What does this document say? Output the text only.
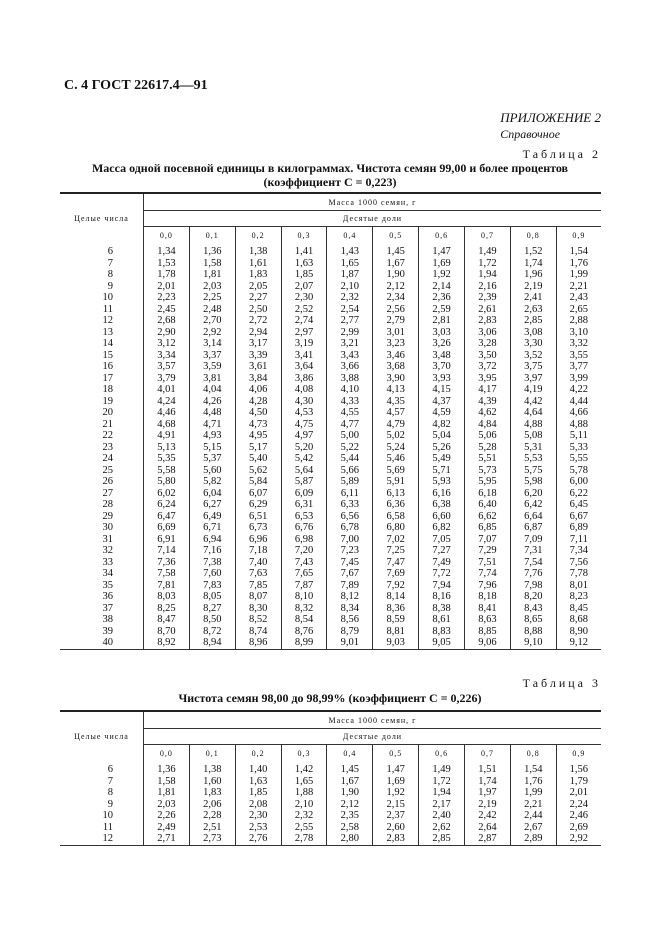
С. 4 ГОСТ 22617.4—91
ПРИЛОЖЕНИЕ 2
Справочное
Таблица 2
Масса одной посевной единицы в килограммах. Чистота семян 99,00 и более процентов
(коэффициент C = 0,223)
Целые числа	Масса 1000 семян, г									
	Десятые доли									
	0,0	0,1	0,2	0,3	0,4	0,5	0,6	0,7	0,8	0,9
6	1,34	1,36	1,38	1,41	1,43	1,45	1,47	1,49	1,52	1,54
7	1,53	1,58	1,61	1,63	1,65	1,67	1,69	1,72	1,74	1,76
8	1,78	1,81	1,83	1,85	1,87	1,90	1,92	1,94	1,96	1,99
9	2,01	2,03	2,05	2,07	2,10	2,12	2,14	2,16	2,19	2,21
10	2,23	2,25	2,27	2,30	2,32	2,34	2,36	2,39	2,41	2,43
11	2,45	2,48	2,50	2,52	2,54	2,56	2,59	2,61	2,63	2,65
12	2,68	2,70	2,72	2,74	2,77	2,79	2,81	2,83	2,85	2,88
13	2,90	2,92	2,94	2,97	2,99	3,01	3,03	3,06	3,08	3,10
14	3,12	3,14	3,17	3,19	3,21	3,23	3,26	3,28	3,30	3,32
15	3,34	3,37	3,39	3,41	3,43	3,46	3,48	3,50	3,52	3,55
16	3,57	3,59	3,61	3,64	3,66	3,68	3,70	3,72	3,75	3,77
17	3,79	3,81	3,84	3,86	3,88	3,90	3,93	3,95	3,97	3,99
18	4,01	4,04	4,06	4,08	4,10	4,13	4,15	4,17	4,19	4,22
19	4,24	4,26	4,28	4,30	4,33	4,35	4,37	4,39	4,42	4,44
20	4,46	4,48	4,50	4,53	4,55	4,57	4,59	4,62	4,64	4,66
21	4,68	4,71	4,73	4,75	4,77	4,79	4,82	4,84	4,88	4,88
22	4,91	4,93	4,95	4,97	5,00	5,02	5,04	5,06	5,08	5,11
23	5,13	5,15	5,17	5,20	5,22	5,24	5,26	5,28	5,31	5,33
24	5,35	5,37	5,40	5,42	5,44	5,46	5,49	5,51	5,53	5,55
25	5,58	5,60	5,62	5,64	5,66	5,69	5,71	5,73	5,75	5,78
26	5,80	5,82	5,84	5,87	5,89	5,91	5,93	5,95	5,98	6,00
27	6,02	6,04	6,07	6,09	6,11	6,13	6,16	6,18	6,20	6,22
28	6,24	6,27	6,29	6,31	6,33	6,36	6,38	6,40	6,42	6,45
29	6,47	6,49	6,51	6,53	6,56	6,58	6,60	6,62	6,64	6,67
30	6,69	6,71	6,73	6,76	6,78	6,80	6,82	6,85	6,87	6,89
31	6,91	6,94	6,96	6,98	7,00	7,02	7,05	7,07	7,09	7,11
32	7,14	7,16	7,18	7,20	7,23	7,25	7,27	7,29	7,31	7,34
33	7,36	7,38	7,40	7,43	7,45	7,47	7,49	7,51	7,54	7,56
34	7,58	7,60	7,63	7,65	7,67	7,69	7,72	7,74	7,76	7,78
35	7,81	7,83	7,85	7,87	7,89	7,92	7,94	7,96	7,98	8,01
36	8,03	8,05	8,07	8,10	8,12	8,14	8,16	8,18	8,20	8,23
37	8,25	8,27	8,30	8,32	8,34	8,36	8,38	8,41	8,43	8,45
38	8,47	8,50	8,52	8,54	8,56	8,59	8,61	8,63	8,65	8,68
39	8,70	8,72	8,74	8,76	8,79	8,81	8,83	8,85	8,88	8,90
40	8,92	8,94	8,96	8,99	9,01	9,03	9,05	9,06	9,10	9,12
Таблица 3
Чистота семян 98,00 до 98,99% (коэффициент C = 0,226)
Целые числа	Масса 1000 семян, г									
	Десятые доли									
	0,0	0,1	0,2	0,3	0,4	0,5	0,6	0,7	0,8	0,9
6	1,36	1,38	1,40	1,42	1,45	1,47	1,49	1,51	1,54	1,56
7	1,58	1,60	1,63	1,65	1,67	1,69	1,72	1,74	1,76	1,79
8	1,81	1,83	1,85	1,88	1,90	1,92	1,94	1,97	1,99	2,01
9	2,03	2,06	2,08	2,10	2,12	2,15	2,17	2,19	2,21	2,24
10	2,26	2,28	2,30	2,32	2,35	2,37	2,40	2,42	2,44	2,46
11	2,49	2,51	2,53	2,55	2,58	2,60	2,62	2,64	2,67	2,69
12	2,71	2,73	2,76	2,78	2,80	2,83	2,85	2,87	2,89	2,92
